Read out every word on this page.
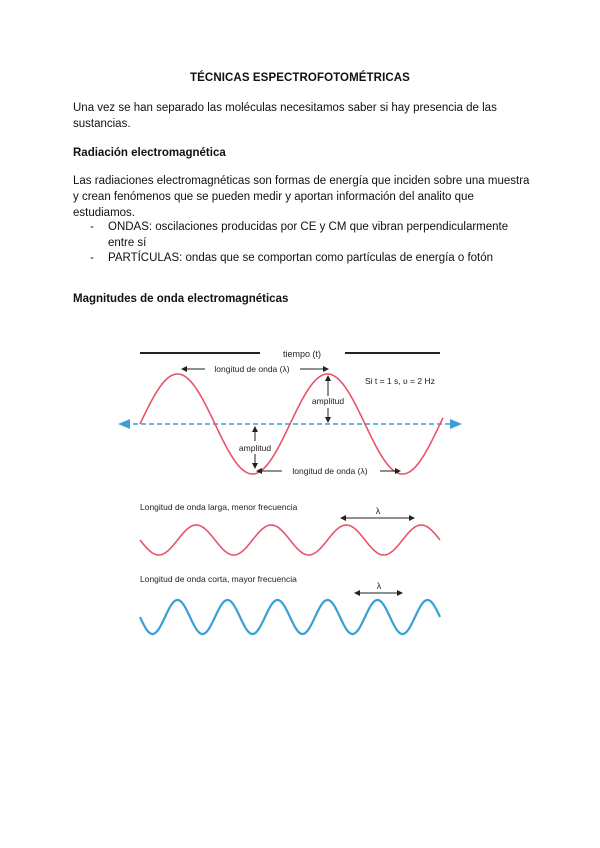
TÉCNICAS ESPECTROFOTOMÉTRICAS
Una vez se han separado las moléculas necesitamos saber si hay presencia de las sustancias.
Radiación electromagnética
Las radiaciones electromagnéticas son formas de energía que inciden sobre una muestra y crean fenómenos que se pueden medir y aportan información del analito que estudiamos.
- ONDAS: oscilaciones producidas por CE y CM que vibran perpendicularmente entre sí
- PARTÍCULAS: ondas que se comportan como partículas de energía o fotón
Magnitudes de onda electromagnéticas
tiempo (t)
longitud de onda (λ)
Si t = 1 s, υ = 2 Hz
amplitud
amplitud
longitud de onda (λ)
Longitud de onda larga, menor frecuencia	λ
Longitud de onda corta, mayor frecuencia
λ
